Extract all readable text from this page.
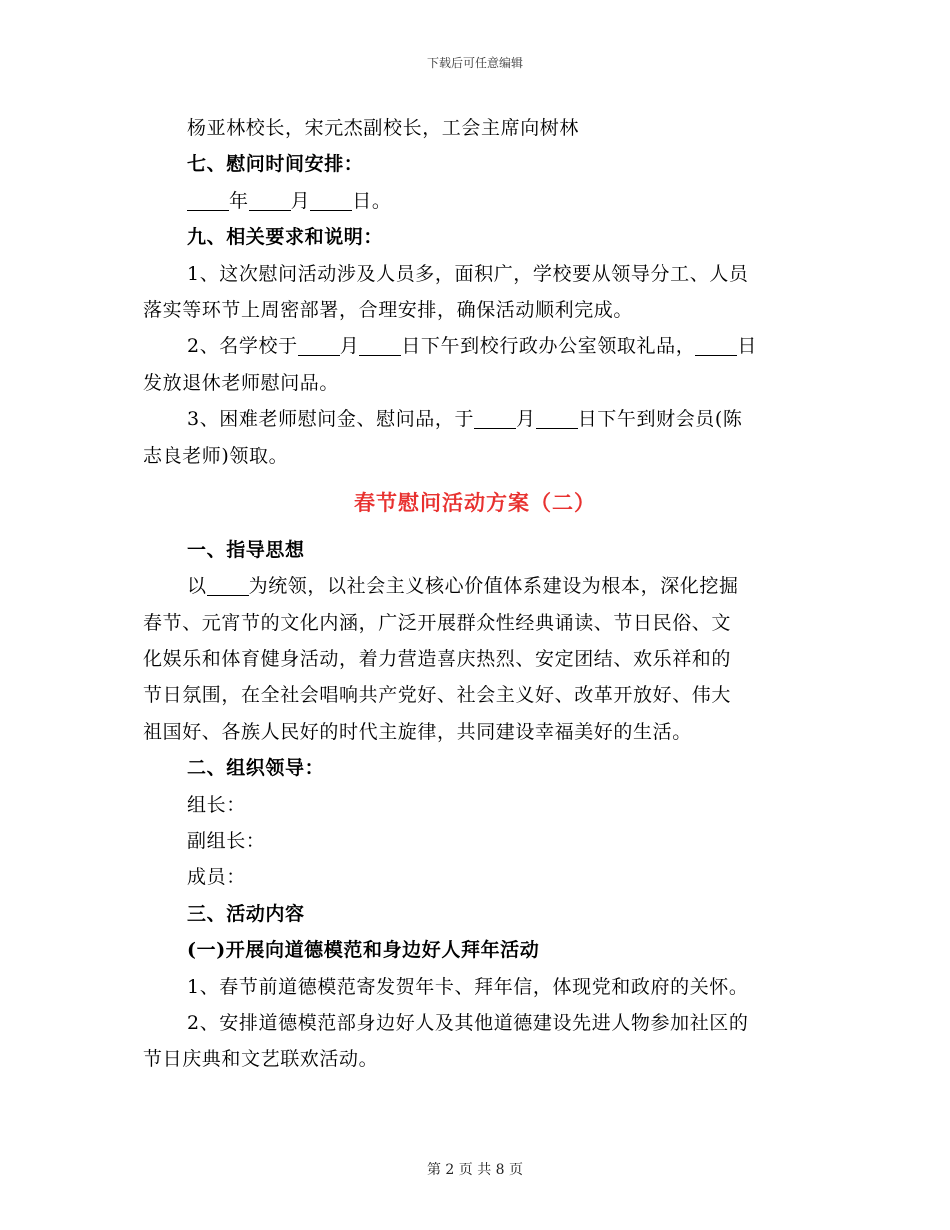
下载后可任意编辑
杨亚林校长，宋元杰副校长，工会主席向树林
七、慰问时间安排：
年 月 日。
九、相关要求和说明：
1、这次慰问活动涉及人员多，面积广，学校要从领导分工、人员
落实等环节上周密部署，合理安排，确保活动顺利完成。
2、名学校于 月 日下午到校行政办公室领取礼品， 日
发放退休老师慰问品。
3、困难老师慰问金、慰问品，于 月 日下午到财会员(陈
志良老师)领取。
春节慰问活动方案（二）
一、指导思想
以 为统领，以社会主义核心价值体系建设为根本，深化挖掘
春节、元宵节的文化内涵，广泛开展群众性经典诵读、节日民俗、文
化娱乐和体育健身活动，着力营造喜庆热烈、安定团结、欢乐祥和的
节日氛围，在全社会唱响共产党好、社会主义好、改革开放好、伟大
祖国好、各族人民好的时代主旋律，共同建设幸福美好的生活。
二、组织领导：
组长：
副组长：
成员：
三、活动内容
(一)开展向道德模范和身边好人拜年活动
1、春节前道德模范寄发贺年卡、拜年信，体现党和政府的关怀。
2、安排道德模范部身边好人及其他道德建设先进人物参加社区的
节日庆典和文艺联欢活动。
第 2 页 共 8 页
